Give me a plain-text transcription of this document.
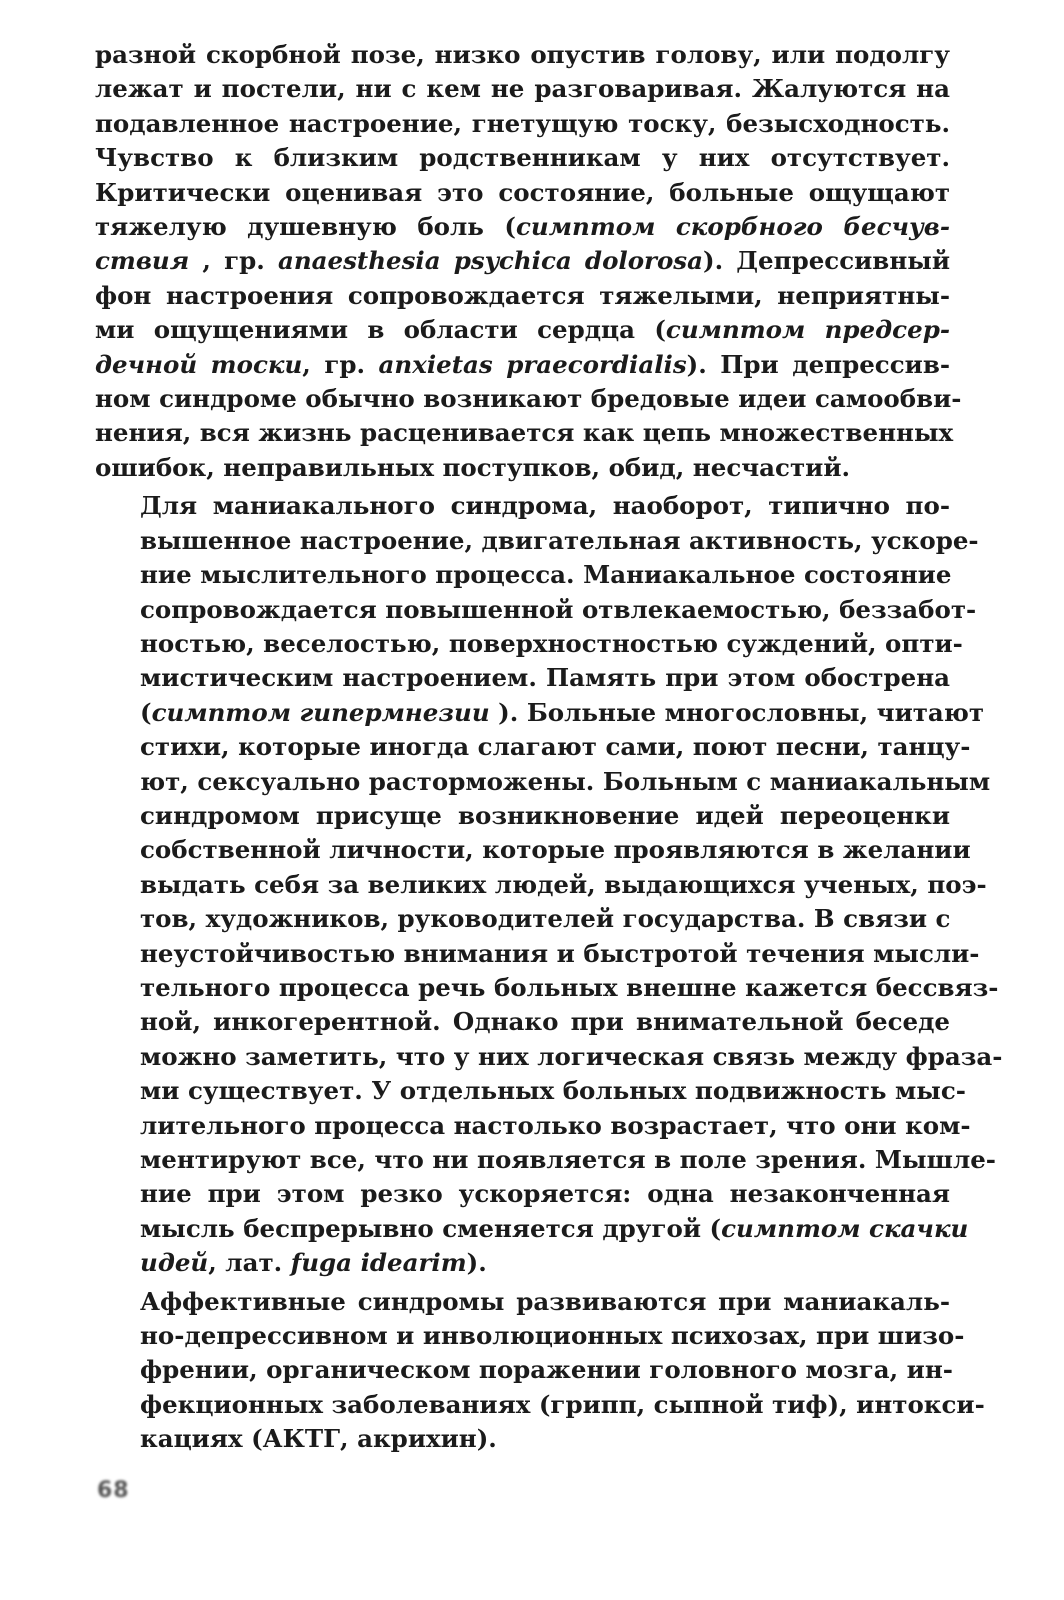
разной скорбной позе, низко опустив голову, или подолгу
лежат и постели, ни с кем не разговаривая. Жалуются на
подавленное настроение, гнетущую тоску, безысходность.
Чувство к близким родственникам у них отсутствует.
Критически оценивая это состояние, больные ощущают
тяжелую душевную боль (симптом скорбного бесчув-
ствия , гр. anaesthesia psychica dolorosa). Депрессивный
фон настроения сопровождается тяжелыми, неприятны-
ми ощущениями в области сердца (симптом предсер-
дечной тоски, гр. anxietas praecordialis). При депрессив-
ном синдроме обычно возникают бредовые идеи самообви-
нения, вся жизнь расценивается как цепь множественных
ошибок, неправильных поступков, обид, несчастий.
Для маниакального синдрома, наоборот, типично по-
вышенное настроение, двигательная активность, ускоре-
ние мыслительного процесса. Маниакальное состояние
сопровождается повышенной отвлекаемостью, беззабот-
ностью, веселостью, поверхностностью суждений, опти-
мистическим настроением. Память при этом обострена
(симптом гипермнезии ). Больные многословны, читают
стихи, которые иногда слагают сами, поют песни, танцу-
ют, сексуально расторможены. Больным с маниакальным
синдромом присуще возникновение идей переоценки
собственной личности, которые проявляются в желании
выдать себя за великих людей, выдающихся ученых, поэ-
тов, художников, руководителей государства. В связи с
неустойчивостью внимания и быстротой течения мысли-
тельного процесса речь больных внешне кажется бессвяз-
ной, инкогерентной. Однако при внимательной беседе
можно заметить, что у них логическая связь между фраза-
ми существует. У отдельных больных подвижность мыс-
лительного процесса настолько возрастает, что они ком-
ментируют все, что ни появляется в поле зрения. Мышле-
ние при этом резко ускоряется: одна незаконченная
мысль беспрерывно сменяется другой (симптом скачки
идей, лат. fuga idearim).
Аффективные синдромы развиваются при маниакаль-
но-депрессивном и инволюционных психозах, при шизо-
френии, органическом поражении головного мозга, ин-
фекционных заболеваниях (грипп, сыпной тиф), интокси-
кациях (АКТГ, акрихин).
68
